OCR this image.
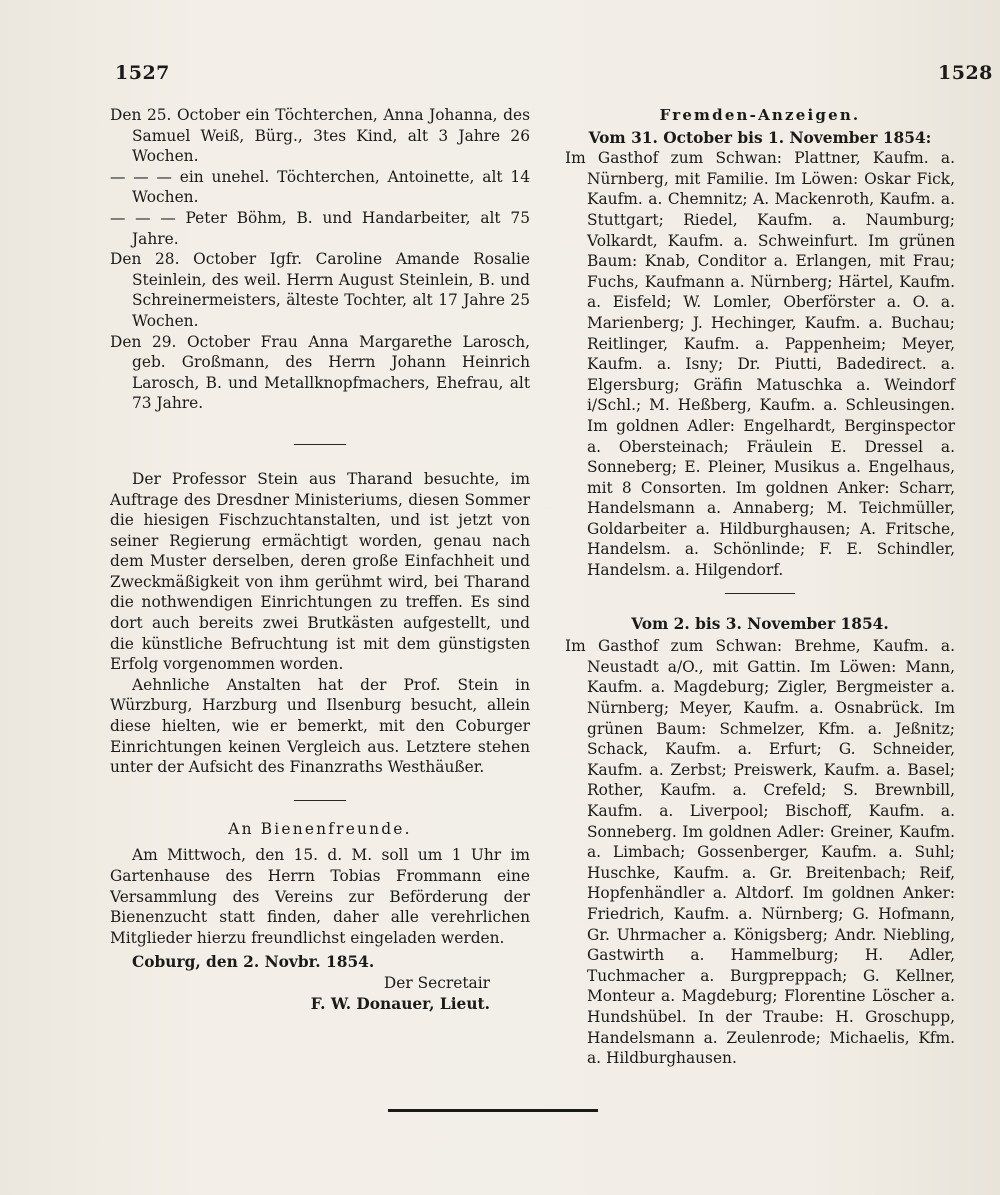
1527	1528

Den 25. October ein Töchterchen, Anna Johanna, des Samuel Weiß, Bürg., 3tes Kind, alt 3 Jahre 26 Wochen.

— — — ein unehel. Töchterchen, Antoinette, alt 14 Wochen.

— — — Peter Böhm, B. und Handarbeiter, alt 75 Jahre.

Den 28. October Igfr. Caroline Amande Rosalie Steinlein, des weil. Herrn August Steinlein, B. und Schreinermeisters, älteste Tochter, alt 17 Jahre 25 Wochen.

Den 29. October Frau Anna Margarethe Larosch, geb. Großmann, des Herrn Johann Heinrich Larosch, B. und Metallknopfmachers, Ehefrau, alt 73 Jahre.

Der Professor Stein aus Tharand besuchte, im Auftrage des Dresdner Ministeriums, diesen Sommer die hiesigen Fischzuchtanstalten, und ist jetzt von seiner Regierung ermächtigt worden, genau nach dem Muster derselben, deren große Einfachheit und Zweckmäßigkeit von ihm gerühmt wird, bei Tharand die nothwendigen Einrichtungen zu treffen. Es sind dort auch bereits zwei Brutkästen aufgestellt, und die künstliche Befruchtung ist mit dem günstigsten Erfolg vorgenommen worden.

Aehnliche Anstalten hat der Prof. Stein in Würzburg, Harzburg und Ilsenburg besucht, allein diese hielten, wie er bemerkt, mit den Coburger Einrichtungen keinen Vergleich aus. Letztere stehen unter der Aufsicht des Finanzraths Westhäußer.

An Bienenfreunde.

Am Mittwoch, den 15. d. M. soll um 1 Uhr im Gartenhause des Herrn Tobias Frommann eine Versammlung des Vereins zur Beförderung der Bienenzucht statt finden, daher alle verehrlichen Mitglieder hierzu freundlichst eingeladen werden.

Coburg, den 2. Novbr. 1854.

Der Secretair

F. W. Donauer, Lieut.

Fremden-Anzeigen.

Vom 31. October bis 1. November 1854:

Im Gasthof zum Schwan: Plattner, Kaufm. a. Nürnberg, mit Familie. Im Löwen: Oskar Fick, Kaufm. a. Chemnitz; A. Mackenroth, Kaufm. a. Stuttgart; Riedel, Kaufm. a. Naumburg; Volkardt, Kaufm. a. Schweinfurt. Im grünen Baum: Knab, Conditor a. Erlangen, mit Frau; Fuchs, Kaufmann a. Nürnberg; Härtel, Kaufm. a. Eisfeld; W. Lomler, Oberförster a. O. a. Marienberg; J. Hechinger, Kaufm. a. Buchau; Reitlinger, Kaufm. a. Pappenheim; Meyer, Kaufm. a. Isny; Dr. Piutti, Badedirect. a. Elgersburg; Gräfin Matuschka a. Weindorf i/Schl.; M. Heßberg, Kaufm. a. Schleusingen. Im goldnen Adler: Engelhardt, Berginspector a. Obersteinach; Fräulein E. Dressel a. Sonneberg; E. Pleiner, Musikus a. Engelhaus, mit 8 Consorten. Im goldnen Anker: Scharr, Handelsmann a. Annaberg; M. Teichmüller, Goldarbeiter a. Hildburghausen; A. Fritsche, Handelsm. a. Schönlinde; F. E. Schindler, Handelsm. a. Hilgendorf.

Vom 2. bis 3. November 1854.

Im Gasthof zum Schwan: Brehme, Kaufm. a. Neustadt a/O., mit Gattin. Im Löwen: Mann, Kaufm. a. Magdeburg; Zigler, Bergmeister a. Nürnberg; Meyer, Kaufm. a. Osnabrück. Im grünen Baum: Schmelzer, Kfm. a. Jeßnitz; Schack, Kaufm. a. Erfurt; G. Schneider, Kaufm. a. Zerbst; Preiswerk, Kaufm. a. Basel; Rother, Kaufm. a. Crefeld; S. Brewnbill, Kaufm. a. Liverpool; Bischoff, Kaufm. a. Sonneberg. Im goldnen Adler: Greiner, Kaufm. a. Limbach; Gossenberger, Kaufm. a. Suhl; Huschke, Kaufm. a. Gr. Breitenbach; Reif, Hopfenhändler a. Altdorf. Im goldnen Anker: Friedrich, Kaufm. a. Nürnberg; G. Hofmann, Gr. Uhrmacher a. Königsberg; Andr. Niebling, Gastwirth a. Hammelburg; H. Adler, Tuchmacher a. Burgpreppach; G. Kellner, Monteur a. Magdeburg; Florentine Löscher a. Hundshübel. In der Traube: H. Groschupp, Handelsmann a. Zeulenrode; Michaelis, Kfm. a. Hildburghausen.
